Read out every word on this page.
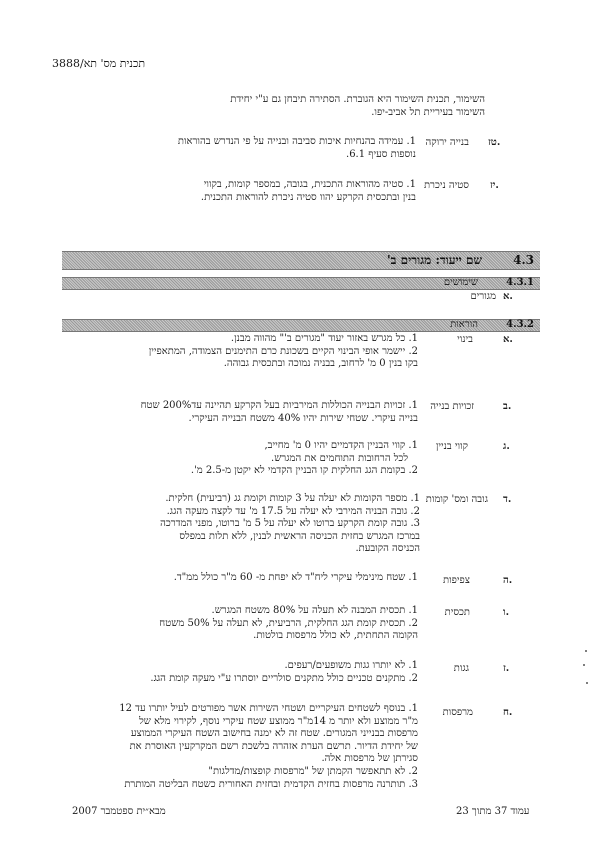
תכנית מס' תא/3888
השימור, תכנית השימור היא הגוברת. הסתירה תיבחן גם ע"י יחידת
השימור בעיריית תל אביב-יפו.
טז.
בנייה ירוקה
1. עמידה בהנחיות איכות סביבה ובנייה על פי הנדרש בהוראות
נוספות סעיף 6.1.
יז.
סטיה ניכרת
1. סטיה מהוראות התכנית, בגובה, במספר קומות, בקווי
בנין ובתכסית הקרקע יהוו סטיה ניכרת להוראות התכנית.
4.3
שם ייעוד: מגורים ב'
4.3.1
שימושים
א.
מגורים
4.3.2
הוראות
א.
בינוי
1. כל מגרש באזור יעוד "מגורים ב'" מהווה מבנן.
2. יישמר אופי הבינוי הקיים בשכונת כרם התימנים הצמודה, המתאפיין
בקו בנין 0 מ' לרחוב, בבניה נמוכה ובתכסית גבוהה.
ב.
זכויות בנייה
1. זכויות הבנייה הכוללות המירביות בעל הקרקע תהיינה עד200% שטח
בנייה עיקרי. שטחי שירות יהיו 40% משטח הבנייה העיקרי.
ג.
קווי בניין
1. קווי הבניין הקדמיים יהיו 0 מ' מחייב,
לכל הרחובות התוחמים את המגרש.
2. בקומת הגג החלקית קו הבניין הקדמי לא יקטן מ-2.5 מ'.
ד.
גובה ומס' קומות
1. מספר הקומות לא יעלה על 3 קומות וקומת גג (רביעית) חלקית.
2. גובה הבניה המירבי לא יעלה על 17.5 מ' עד לקצה מעקה הגג.
3. גובה קומת הקרקע ברוטו לא יעלה על 5 מ' ברוטו, מפני המדרכה
במרכז המגרש בחזית הכניסה הראשית לבנין, ללא תלות במפלס
הכניסה הקובעת.
ה.
צפיפות
1. שטח מינימלי עיקרי ליח"ד לא יפחת מ- 60 מ"ר כולל ממ"ד.
ו.
תכסית
1. תכסית המבנה לא תעלה על 80% משטח המגרש.
2. תכסית קומת הגג החלקית, הרביעית, לא תעלה על 50% משטח
הקומה התחתית, לא כולל מרפסות בולטות.
ז.
גגות
1. לא יותרו גגות משופעים/רעפים.
2. מתקנים טכניים כולל מתקנים סולריים יוסתרו ע"י מעקה קומת הגג.
ח.
מרפסות
1. בנוסף לשטחים העיקריים ושטחי השירות אשר מפורטים לעיל יותרו עד 12
מ"ר ממוצע ולא יותר מ 14מ"ר ממוצע שטח עיקרי נוסף, לקירוי מלא של
מרפסות בבנייני המגורים. שטח זה לא ימנה בחישוב השטח העיקרי הממוצע
של יחידת הדיור. תרשם הערת אזהרה בלשכת רשם המקרקעין האוסרת את
סגירתן של מרפסות אלה.
2. לא תתאפשר הקמתן של "מרפסות קופצות/מדלגות"
3. תותרנה מרפסות בחזית הקדמית ובחזית האחורית כשטח הבליטה המותרת
עמוד 37 מתוך 23
מבא״ית ספטמבר 2007
